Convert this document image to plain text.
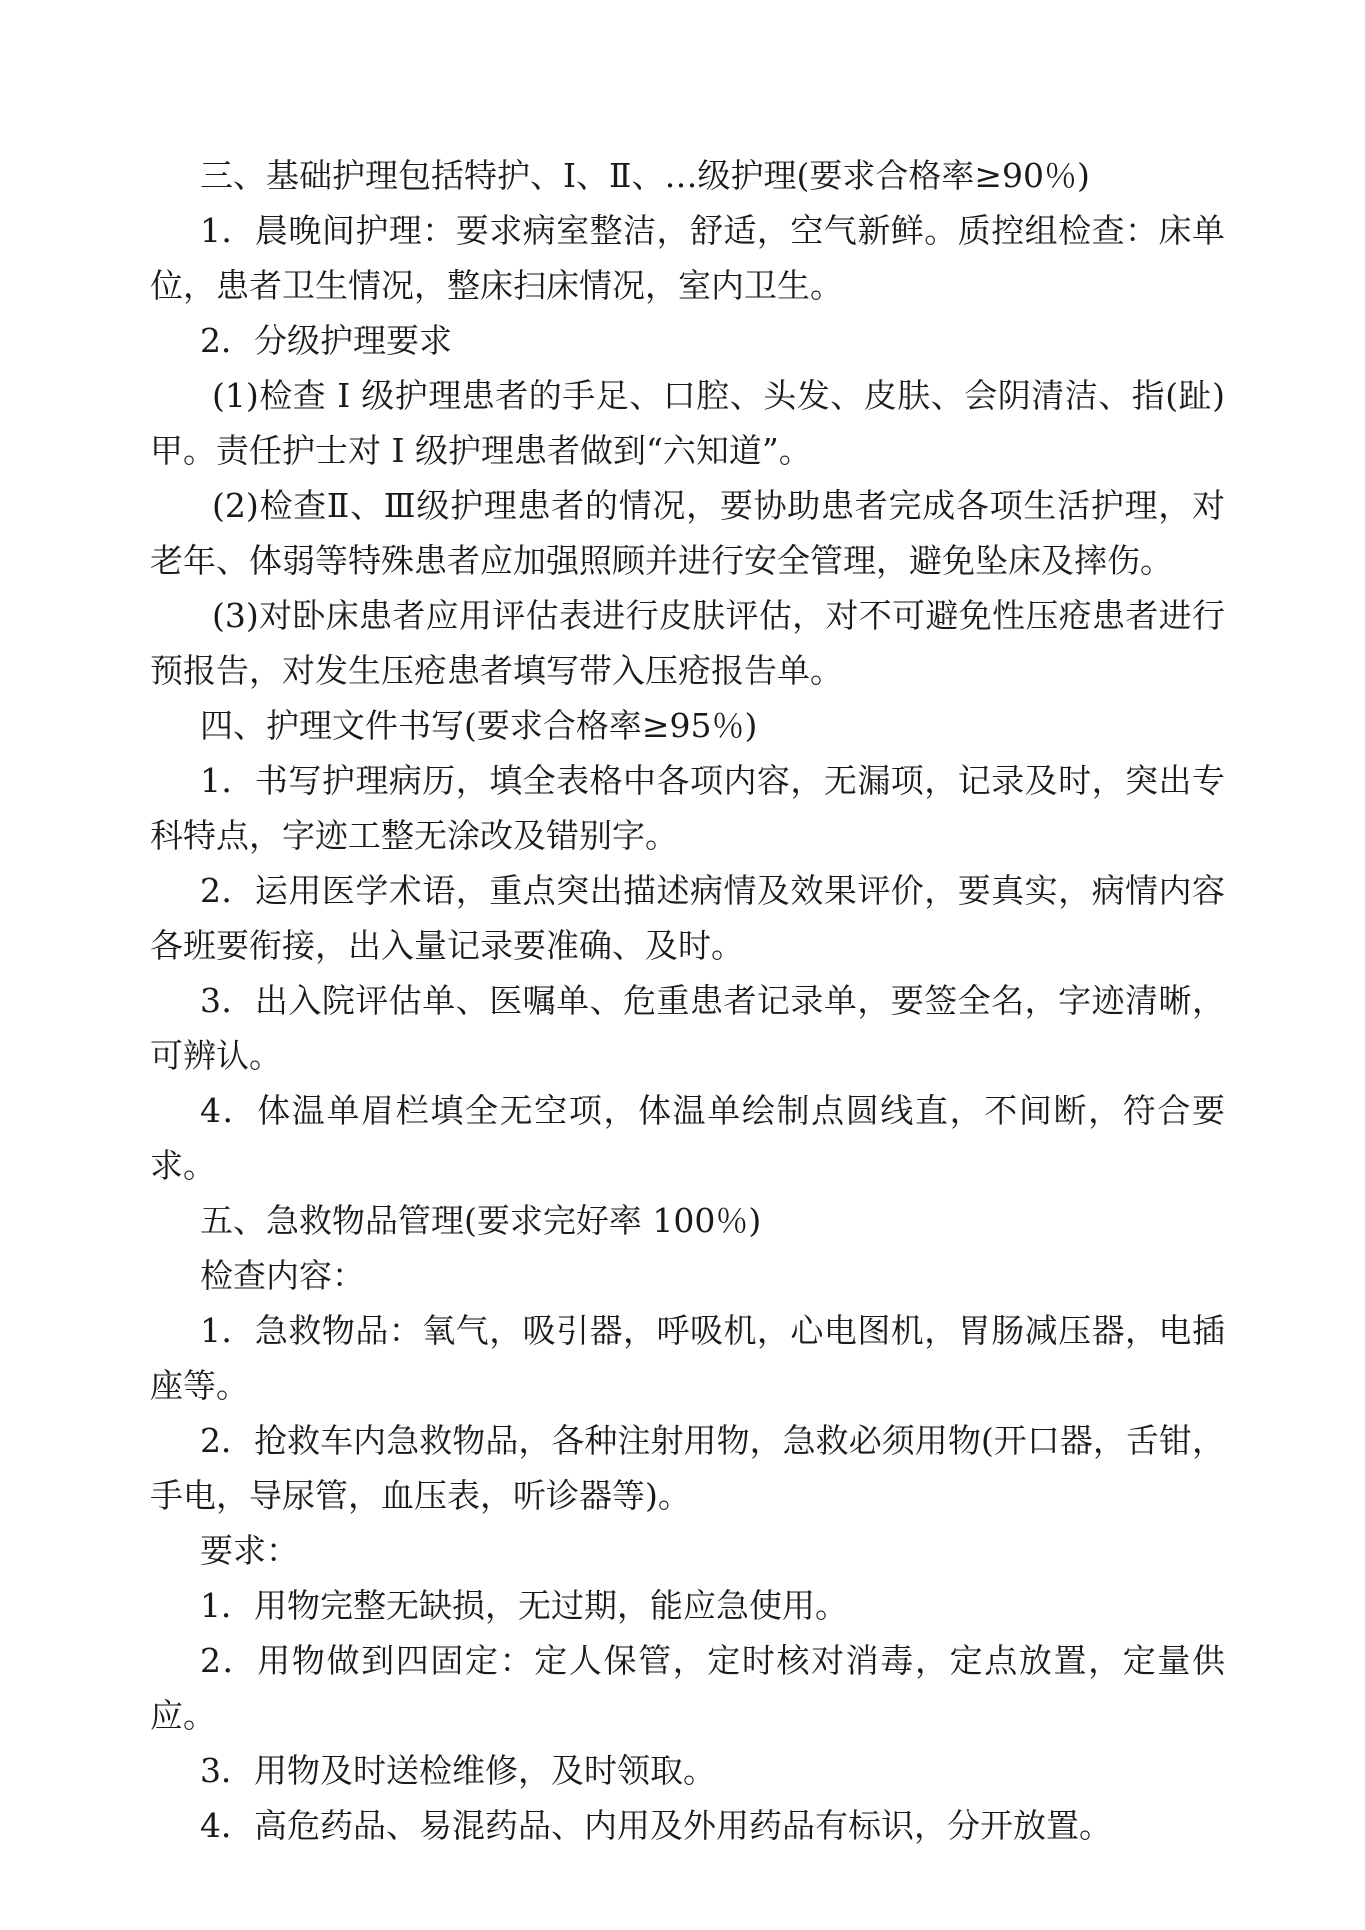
三、基础护理包括特护、I、Ⅱ、…级护理(要求合格率≥90％)

1．晨晚间护理：要求病室整洁，舒适，空气新鲜。质控组检查：床单位，患者卫生情况，整床扫床情况，室内卫生。

2．分级护理要求

(1)检查 I 级护理患者的手足、口腔、头发、皮肤、会阴清洁、指(趾)甲。责任护士对 I 级护理患者做到“六知道”。

(2)检查Ⅱ、Ⅲ级护理患者的情况，要协助患者完成各项生活护理，对老年、体弱等特殊患者应加强照顾并进行安全管理，避免坠床及摔伤。

(3)对卧床患者应用评估表进行皮肤评估，对不可避免性压疮患者进行预报告，对发生压疮患者填写带入压疮报告单。

四、护理文件书写(要求合格率≥95％)

1．书写护理病历，填全表格中各项内容，无漏项，记录及时，突出专科特点，字迹工整无涂改及错别字。

2．运用医学术语，重点突出描述病情及效果评价，要真实，病情内容各班要衔接，出入量记录要准确、及时。

3．出入院评估单、医嘱单、危重患者记录单，要签全名，字迹清晰，可辨认。

4．体温单眉栏填全无空项，体温单绘制点圆线直，不间断，符合要求。

五、急救物品管理(要求完好率 100％)

检查内容：

1．急救物品：氧气，吸引器，呼吸机，心电图机，胃肠减压器，电插座等。

2．抢救车内急救物品，各种注射用物，急救必须用物(开口器，舌钳，手电，导尿管，血压表，听诊器等)。

要求：

1．用物完整无缺损，无过期，能应急使用。

2．用物做到四固定：定人保管，定时核对消毒，定点放置，定量供应。

3．用物及时送检维修，及时领取。

4．高危药品、易混药品、内用及外用药品有标识，分开放置。
